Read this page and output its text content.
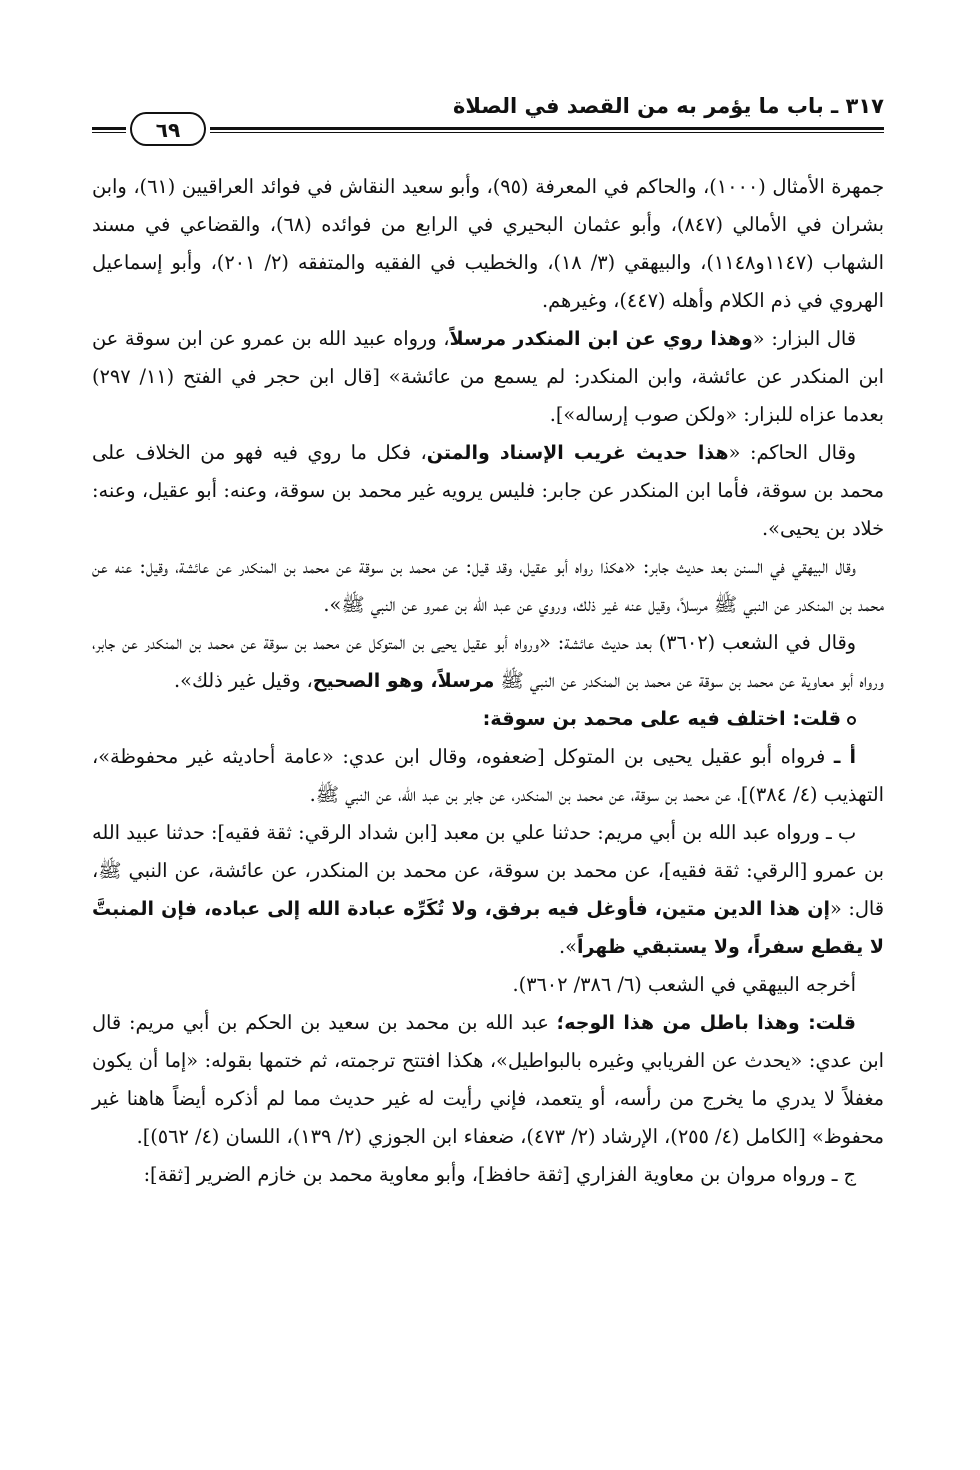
٣١٧ ـ باب ما يؤمر به من القصد في الصلاة
٦٩

جمهرة الأمثال (١٠٠٠)، والحاكم في المعرفة (٩٥)، وأبو سعيد النقاش في فوائد العراقيين (٦١)، وابن بشران في الأمالي (٨٤٧)، وأبو عثمان البحيري في الرابع من فوائده (٦٨)، والقضاعي في مسند الشهاب (١١٤٧و١١٤٨)، والبيهقي (٣/ ١٨)، والخطيب في الفقيه والمتفقه (٢/ ٢٠١)، وأبو إسماعيل الهروي في ذم الكلام وأهله (٤٤٧)، وغيرهم.

قال البزار: «وهذا روي عن ابن المنكدر مرسلاً، ورواه عبيد الله بن عمرو عن ابن سوقة عن ابن المنكدر عن عائشة، وابن المنكدر: لم يسمع من عائشة» [قال ابن حجر في الفتح (١١/ ٢٩٧) بعدما عزاه للبزار: «ولكن صوب إرساله»].

وقال الحاكم: «هذا حديث غريب الإسناد والمتن، فكل ما روي فيه فهو من الخلاف على محمد بن سوقة، فأما ابن المنكدر عن جابر: فليس يرويه غير محمد بن سوقة، وعنه: أبو عقيل، وعنه: خلاد بن يحيى».

وقال البيهقي في السنن بعد حديث جابر: «هكذا رواه أبو عقيل، وقد قيل: عن محمد بن سوقة عن محمد بن المنكدر عن عائشة، وقيل: عنه عن محمد بن المنكدر عن النبي ﷺ مرسلاً، وقيل عنه غير ذلك، وروي عن عبد الله بن عمرو عن النبي ﷺ».

وقال في الشعب (٣٦٠٢) بعد حديث عائشة: «ورواه أبو عقيل يحيى بن المتوكل عن محمد بن سوقة عن محمد بن المنكدر عن جابر، ورواه أبو معاوية عن محمد بن سوقة عن محمد بن المنكدر عن النبي ﷺ مرسلاً، وهو الصحيح، وقيل غير ذلك».

قلت: اختلف فيه على محمد بن سوقة:

أ ـ فرواه أبو عقيل يحيى بن المتوكل [ضعفوه، وقال ابن عدي: «عامة أحاديثه غير محفوظة»، التهذيب (٤/ ٣٨٤)]، عن محمد بن سوقة، عن محمد بن المنكدر، عن جابر بن عبد الله، عن النبي ﷺ.

ب ـ ورواه عبد الله بن أبي مريم: حدثنا علي بن معبد [ابن شداد الرقي: ثقة فقيه]: حدثنا عبيد الله بن عمرو [الرقي: ثقة فقيه]، عن محمد بن سوقة، عن محمد بن المنكدر، عن عائشة، عن النبي ﷺ، قال: «إن هذا الدين متين، فأوغل فيه برفق، ولا تُكَرِّه عبادة الله إلى عباده، فإن المنبتَّ لا يقطع سفراً، ولا يستبقي ظهراً».

أخرجه البيهقي في الشعب (٦/ ٣٨٦/ ٣٦٠٢).

قلت: وهذا باطل من هذا الوجه؛ عبد الله بن محمد بن سعيد بن الحكم بن أبي مريم: قال ابن عدي: «يحدث عن الفريابي وغيره بالبواطيل»، هكذا افتتح ترجمته، ثم ختمها بقوله: «إما أن يكون مغفلاً لا يدري ما يخرج من رأسه، أو يتعمد، فإني رأيت له غير حديث مما لم أذكره أيضاً هاهنا غير محفوظ» [الكامل (٤/ ٢٥٥)، الإرشاد (٢/ ٤٧٣)، ضعفاء ابن الجوزي (٢/ ١٣٩)، اللسان (٤/ ٥٦٢)].

ج ـ ورواه مروان بن معاوية الفزاري [ثقة حافظ]، وأبو معاوية محمد بن خازم الضرير [ثقة]:
